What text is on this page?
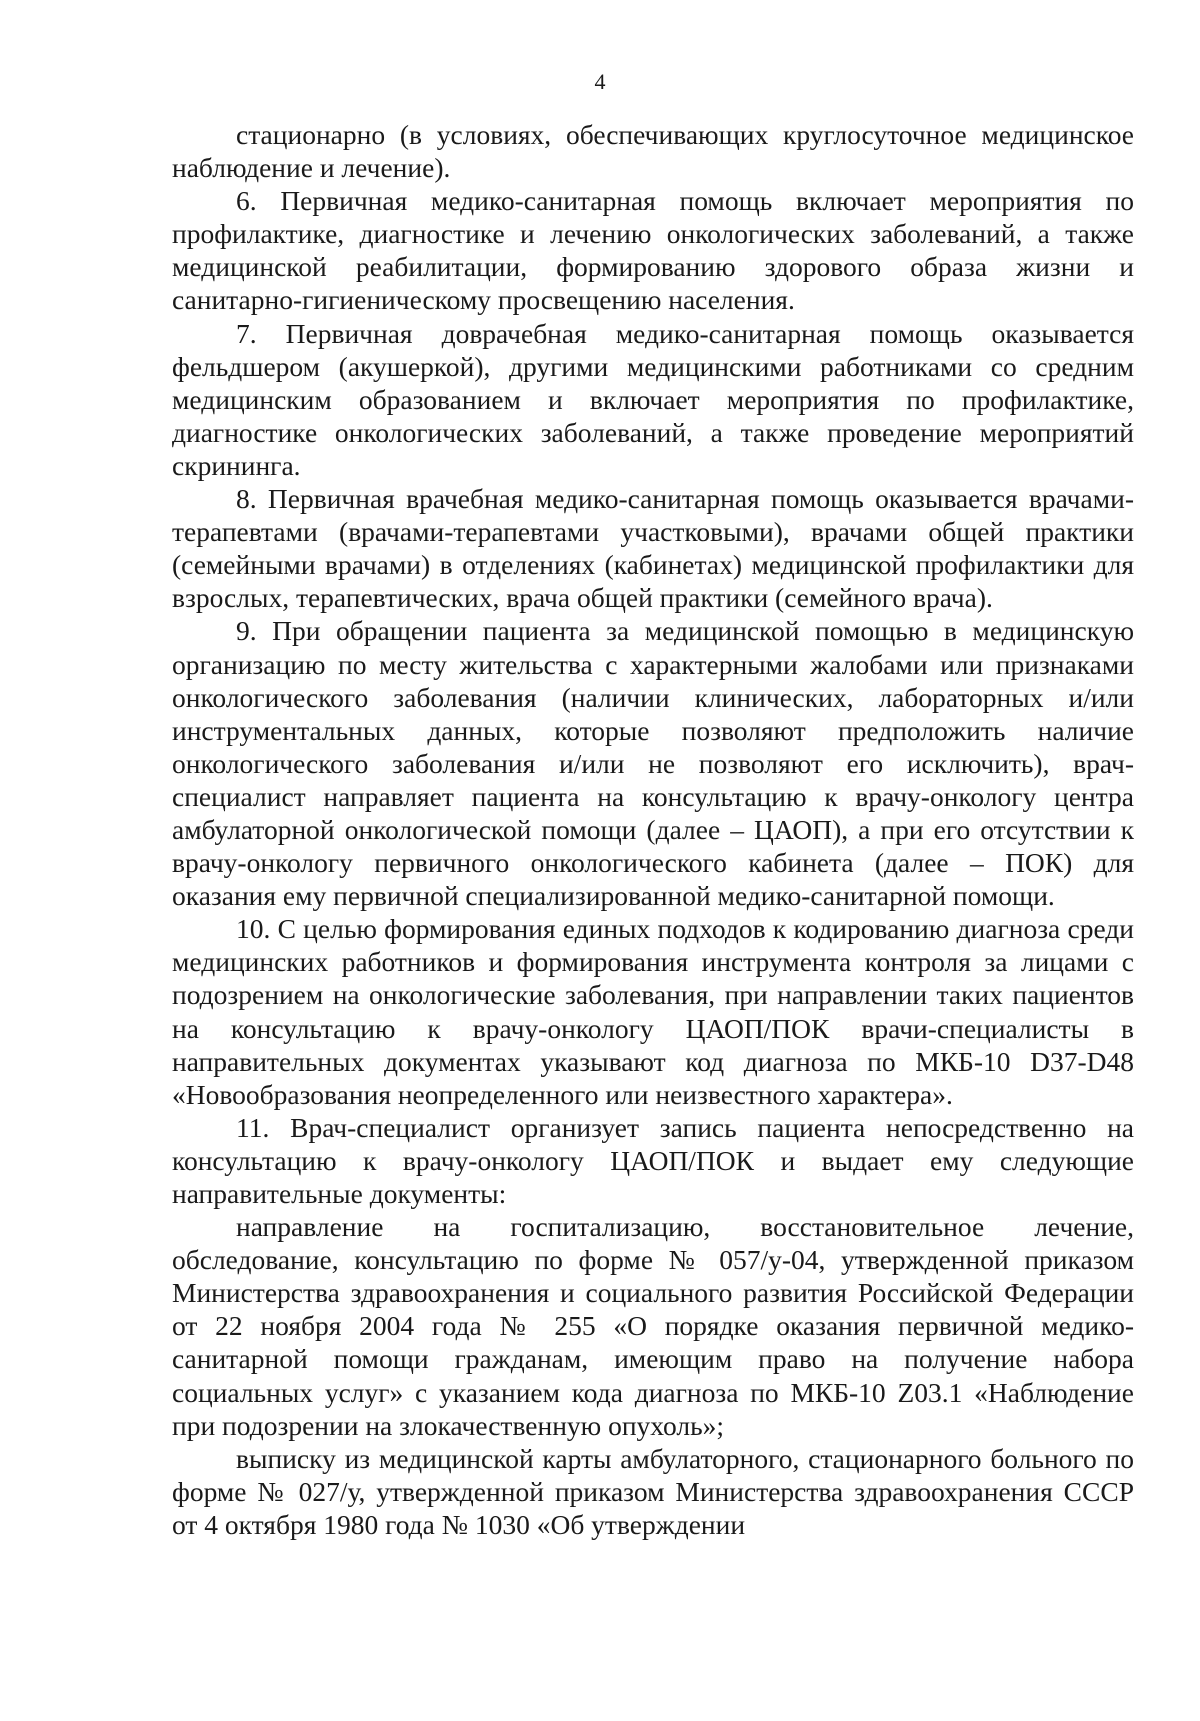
4

стационарно (в условиях, обеспечивающих круглосуточное медицинское наблюдение и лечение).

6. Первичная медико-санитарная помощь включает мероприятия по профилактике, диагностике и лечению онкологических заболеваний, а также медицинской реабилитации, формированию здорового образа жизни и санитарно-гигиеническому просвещению населения.

7. Первичная доврачебная медико-санитарная помощь оказывается фельдшером (акушеркой), другими медицинскими работниками со средним медицинским образованием и включает мероприятия по профилактике, диагностике онкологических заболеваний, а также проведение мероприятий скрининга.

8. Первичная врачебная медико-санитарная помощь оказывается врачами-терапевтами (врачами-терапевтами участковыми), врачами общей практики (семейными врачами) в отделениях (кабинетах) медицинской профилактики для взрослых, терапевтических, врача общей практики (семейного врача).

9. При обращении пациента за медицинской помощью в медицинскую организацию по месту жительства с характерными жалобами или признаками онкологического заболевания (наличии клинических, лабораторных и/или инструментальных данных, которые позволяют предположить наличие онкологического заболевания и/или не позволяют его исключить), врач-специалист направляет пациента на консультацию к врачу-онкологу центра амбулаторной онкологической помощи (далее – ЦАОП), а при его отсутствии к врачу-онкологу первичного онкологического кабинета (далее – ПОК) для оказания ему первичной специализированной медико-санитарной помощи.

10. С целью формирования единых подходов к кодированию диагноза среди медицинских работников и формирования инструмента контроля за лицами с подозрением на онкологические заболевания, при направлении таких пациентов на консультацию к врачу-онкологу ЦАОП/ПОК врачи-специалисты в направительных документах указывают код диагноза по МКБ-10 D37-D48 «Новообразования неопределенного или неизвестного характера».

11. Врач-специалист организует запись пациента непосредственно на консультацию к врачу-онкологу ЦАОП/ПОК и выдает ему следующие направительные документы:

направление на госпитализацию, восстановительное лечение, обследование, консультацию по форме № 057/у-04, утвержденной приказом Министерства здравоохранения и социального развития Российской Федерации от 22 ноября 2004 года № 255 «О порядке оказания первичной медико-санитарной помощи гражданам, имеющим право на получение набора социальных услуг» с указанием кода диагноза по МКБ-10 Z03.1 «Наблюдение при подозрении на злокачественную опухоль»;

выписку из медицинской карты амбулаторного, стационарного больного по форме № 027/у, утвержденной приказом Министерства здравоохранения СССР от 4 октября 1980 года № 1030 «Об утверждении
